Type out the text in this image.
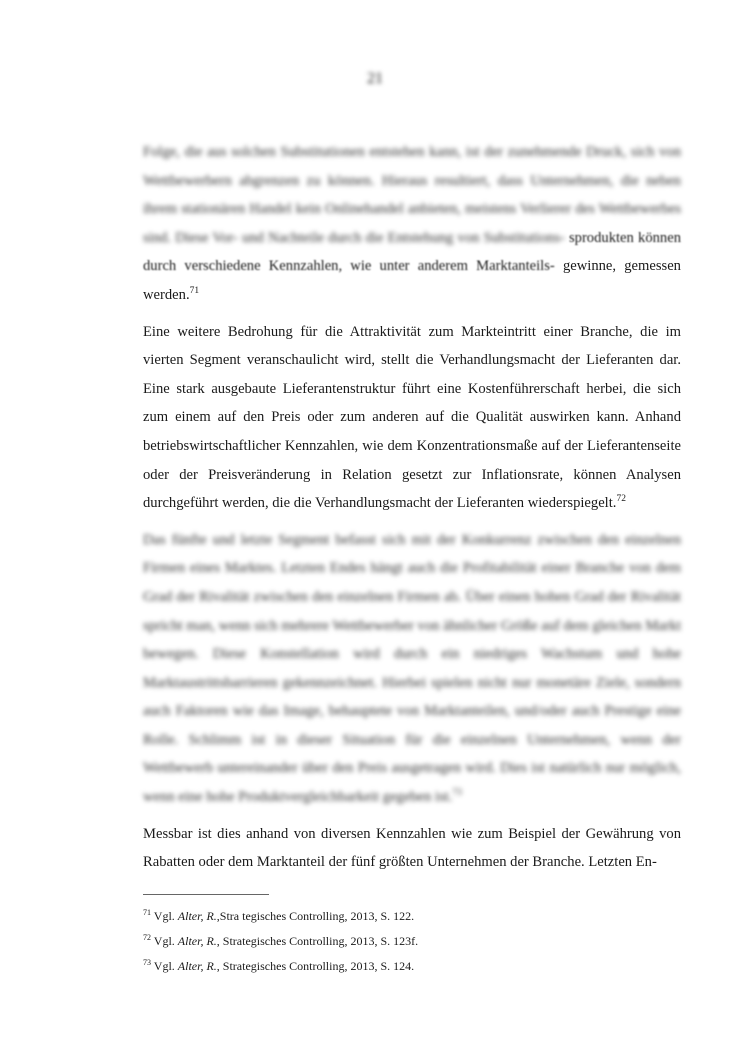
21

Folge, die aus solchen Substitutionen entstehen kann, ist der zunehmende Druck, sich von Wettbewerbern abgrenzen zu können. Hieraus resultiert, dass Unternehmen, die neben ihrem stationären Handel kein Onlinehandel anbieten, meistens Verlierer des Wettbewerbes sind. Diese Vor- und Nachteile durch die Entstehung von Substitutions- sprodukten können durch verschiedene Kennzahlen, wie unter anderem Marktanteils- gewinne, gemessen werden.$^{71}$

Eine weitere Bedrohung für die Attraktivität zum Markteintritt einer Branche, die im vierten Segment veranschaulicht wird, stellt die Verhandlungsmacht der Lieferanten dar. Eine stark ausgebaute Lieferantenstruktur führt eine Kostenführerschaft herbei, die sich zum einem auf den Preis oder zum anderen auf die Qualität auswirken kann. Anhand betriebswirtschaftlicher Kennzahlen, wie dem Konzentrationsmaße auf der Lieferantenseite oder der Preisveränderung in Relation gesetzt zur Inflationsrate, können Analysen durchgeführt werden, die die Verhandlungsmacht der Lieferanten wiederspiegelt.$^{72}$

Das fünfte und letzte Segment befasst sich mit der Konkurrenz zwischen den einzelnen Firmen eines Marktes. Letzten Endes hängt auch die Profitabilität einer Branche von dem Grad der Rivalität zwischen den einzelnen Firmen ab. Über einen hohen Grad der Rivalität spricht man, wenn sich mehrere Wettbewerber von ähnlicher Größe auf dem gleichen Markt bewegen. Diese Konstellation wird durch ein niedriges Wachstum und hohe Marktaustrittsbarrieren gekennzeichnet. Hierbei spielen nicht nur monetäre Ziele, sondern auch Faktoren wie das Image, behauptete von Marktanteilen, und/oder auch Prestige eine Rolle. Schlimm ist in dieser Situation für die einzelnen Unternehmen, wenn der Wettbewerb untereinander über den Preis ausgetragen wird. Dies ist natürlich nur möglich, wenn eine hohe Produktvergleichbarkeit gegeben ist.$^{73}$

Messbar ist dies anhand von diversen Kennzahlen wie zum Beispiel der Gewährung von Rabatten oder dem Marktanteil der fünf größten Unternehmen der Branche. Letzten En-

$^{71}$ Vgl. Alter, R.,Stra tegisches Controlling, 2013, S. 122.

$^{72}$ Vgl. Alter, R., Strategisches Controlling, 2013, S. 123f.

$^{73}$ Vgl. Alter, R., Strategisches Controlling, 2013, S. 124.
